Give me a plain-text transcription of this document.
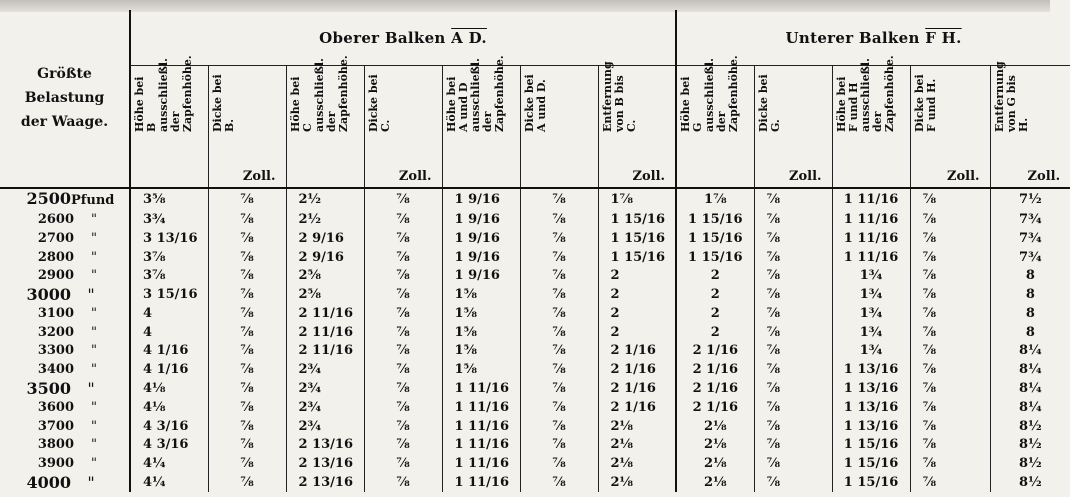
Größte Belastung der Waage.	Oberer Balken A D.							Unterer Balken F H.				

	Höhe bei B ausschließl. der Zapfenhöhe.	Dicke bei B.	Höhe bei C ausschließl. der Zapfenhöhe.	Dicke bei C.	Höhe bei A und D ausschließl. der Zapfenhöhe.	Dicke bei A und D.	Entfernung von B bis C.	Höhe bei G ausschließl. der Zapfenhöhe.	Dicke bei G.	Höhe bei F und H ausschließl. der Zapfenhöhe.	Dicke bei F und H.	Entfernung von G bis H.

		Zoll.		Zoll.			Zoll.		Zoll.		Zoll.	Zoll.
2500Pfund	3⅝	⅞	2½	⅞	1 9/16	⅞	1⅞	1⅞	⅞	1 11/16	⅞	7½
2600 "	3¾	⅞	2½	⅞	1 9/16	⅞	1 15/16	1 15/16	⅞	1 11/16	⅞	7¾
2700 "	3 13/16	⅞	2 9/16	⅞	1 9/16	⅞	1 15/16	1 15/16	⅞	1 11/16	⅞	7¾
2800 "	3⅞	⅞	2 9/16	⅞	1 9/16	⅞	1 15/16	1 15/16	⅞	1 11/16	⅞	7¾
2900 "	3⅞	⅞	2⅝	⅞	1 9/16	⅞	2	2	⅞	1¾	⅞	8
3000 "	3 15/16	⅞	2⅝	⅞	1⅝	⅞	2	2	⅞	1¾	⅞	8
3100 "	4	⅞	2 11/16	⅞	1⅝	⅞	2	2	⅞	1¾	⅞	8
3200 "	4	⅞	2 11/16	⅞	1⅝	⅞	2	2	⅞	1¾	⅞	8
3300 "	4 1/16	⅞	2 11/16	⅞	1⅝	⅞	2 1/16	2 1/16	⅞	1¾	⅞	8¼
3400 "	4 1/16	⅞	2¾	⅞	1⅝	⅞	2 1/16	2 1/16	⅞	1 13/16	⅞	8¼
3500 "	4⅛	⅞	2¾	⅞	1 11/16	⅞	2 1/16	2 1/16	⅞	1 13/16	⅞	8¼
3600 "	4⅛	⅞	2¾	⅞	1 11/16	⅞	2 1/16	2 1/16	⅞	1 13/16	⅞	8¼
3700 "	4 3/16	⅞	2¾	⅞	1 11/16	⅞	2⅛	2⅛	⅞	1 13/16	⅞	8½
3800 "	4 3/16	⅞	2 13/16	⅞	1 11/16	⅞	2⅛	2⅛	⅞	1 15/16	⅞	8½
3900 "	4¼	⅞	2 13/16	⅞	1 11/16	⅞	2⅛	2⅛	⅞	1 15/16	⅞	8½
4000 "	4¼	⅞	2 13/16	⅞	1 11/16	⅞	2⅛	2⅛	⅞	1 15/16	⅞	8½
